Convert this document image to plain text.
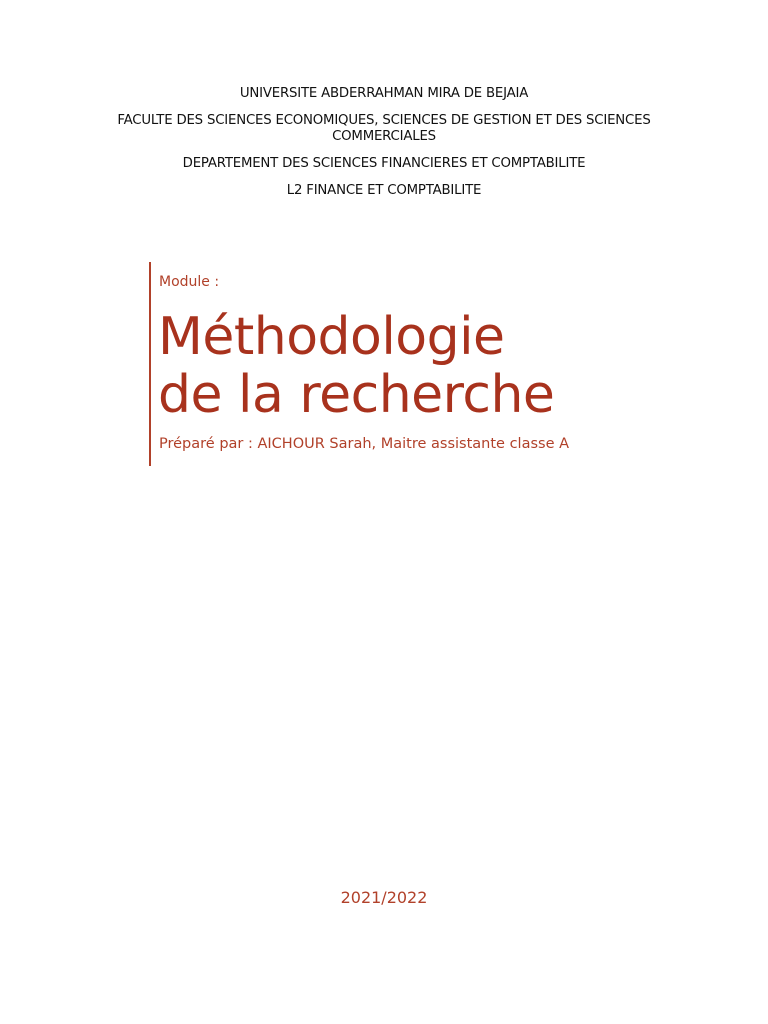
UNIVERSITE ABDERRAHMAN MIRA DE BEJAIA
FACULTE DES SCIENCES ECONOMIQUES, SCIENCES DE GESTION ET DES SCIENCES COMMERCIALES
DEPARTEMENT DES SCIENCES FINANCIERES ET COMPTABILITE
L2 FINANCE ET COMPTABILITE
Module :
Méthodologie
de la recherche
Préparé par : AICHOUR Sarah, Maitre assistante classe A
2021/2022
